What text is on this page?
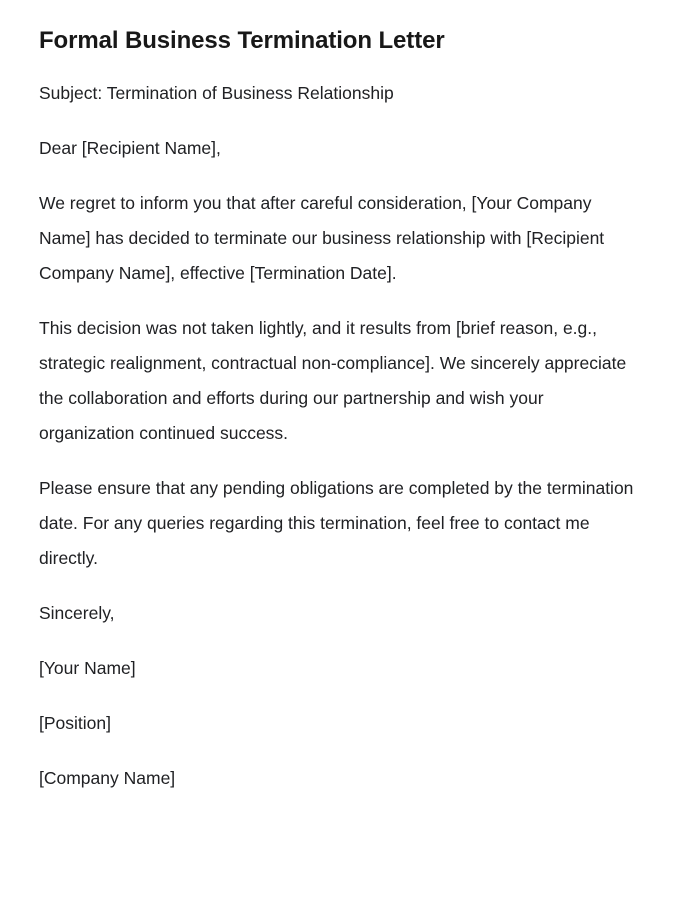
Formal Business Termination Letter

Subject: Termination of Business Relationship

Dear [Recipient Name],

We regret to inform you that after careful consideration, [Your Company Name] has decided to terminate our business relationship with [Recipient Company Name], effective [Termination Date].

This decision was not taken lightly, and it results from [brief reason, e.g., strategic realignment, contractual non-compliance]. We sincerely appreciate the collaboration and efforts during our partnership and wish your organization continued success.

Please ensure that any pending obligations are completed by the termination date. For any queries regarding this termination, feel free to contact me directly.

Sincerely,

[Your Name]

[Position]

[Company Name]
